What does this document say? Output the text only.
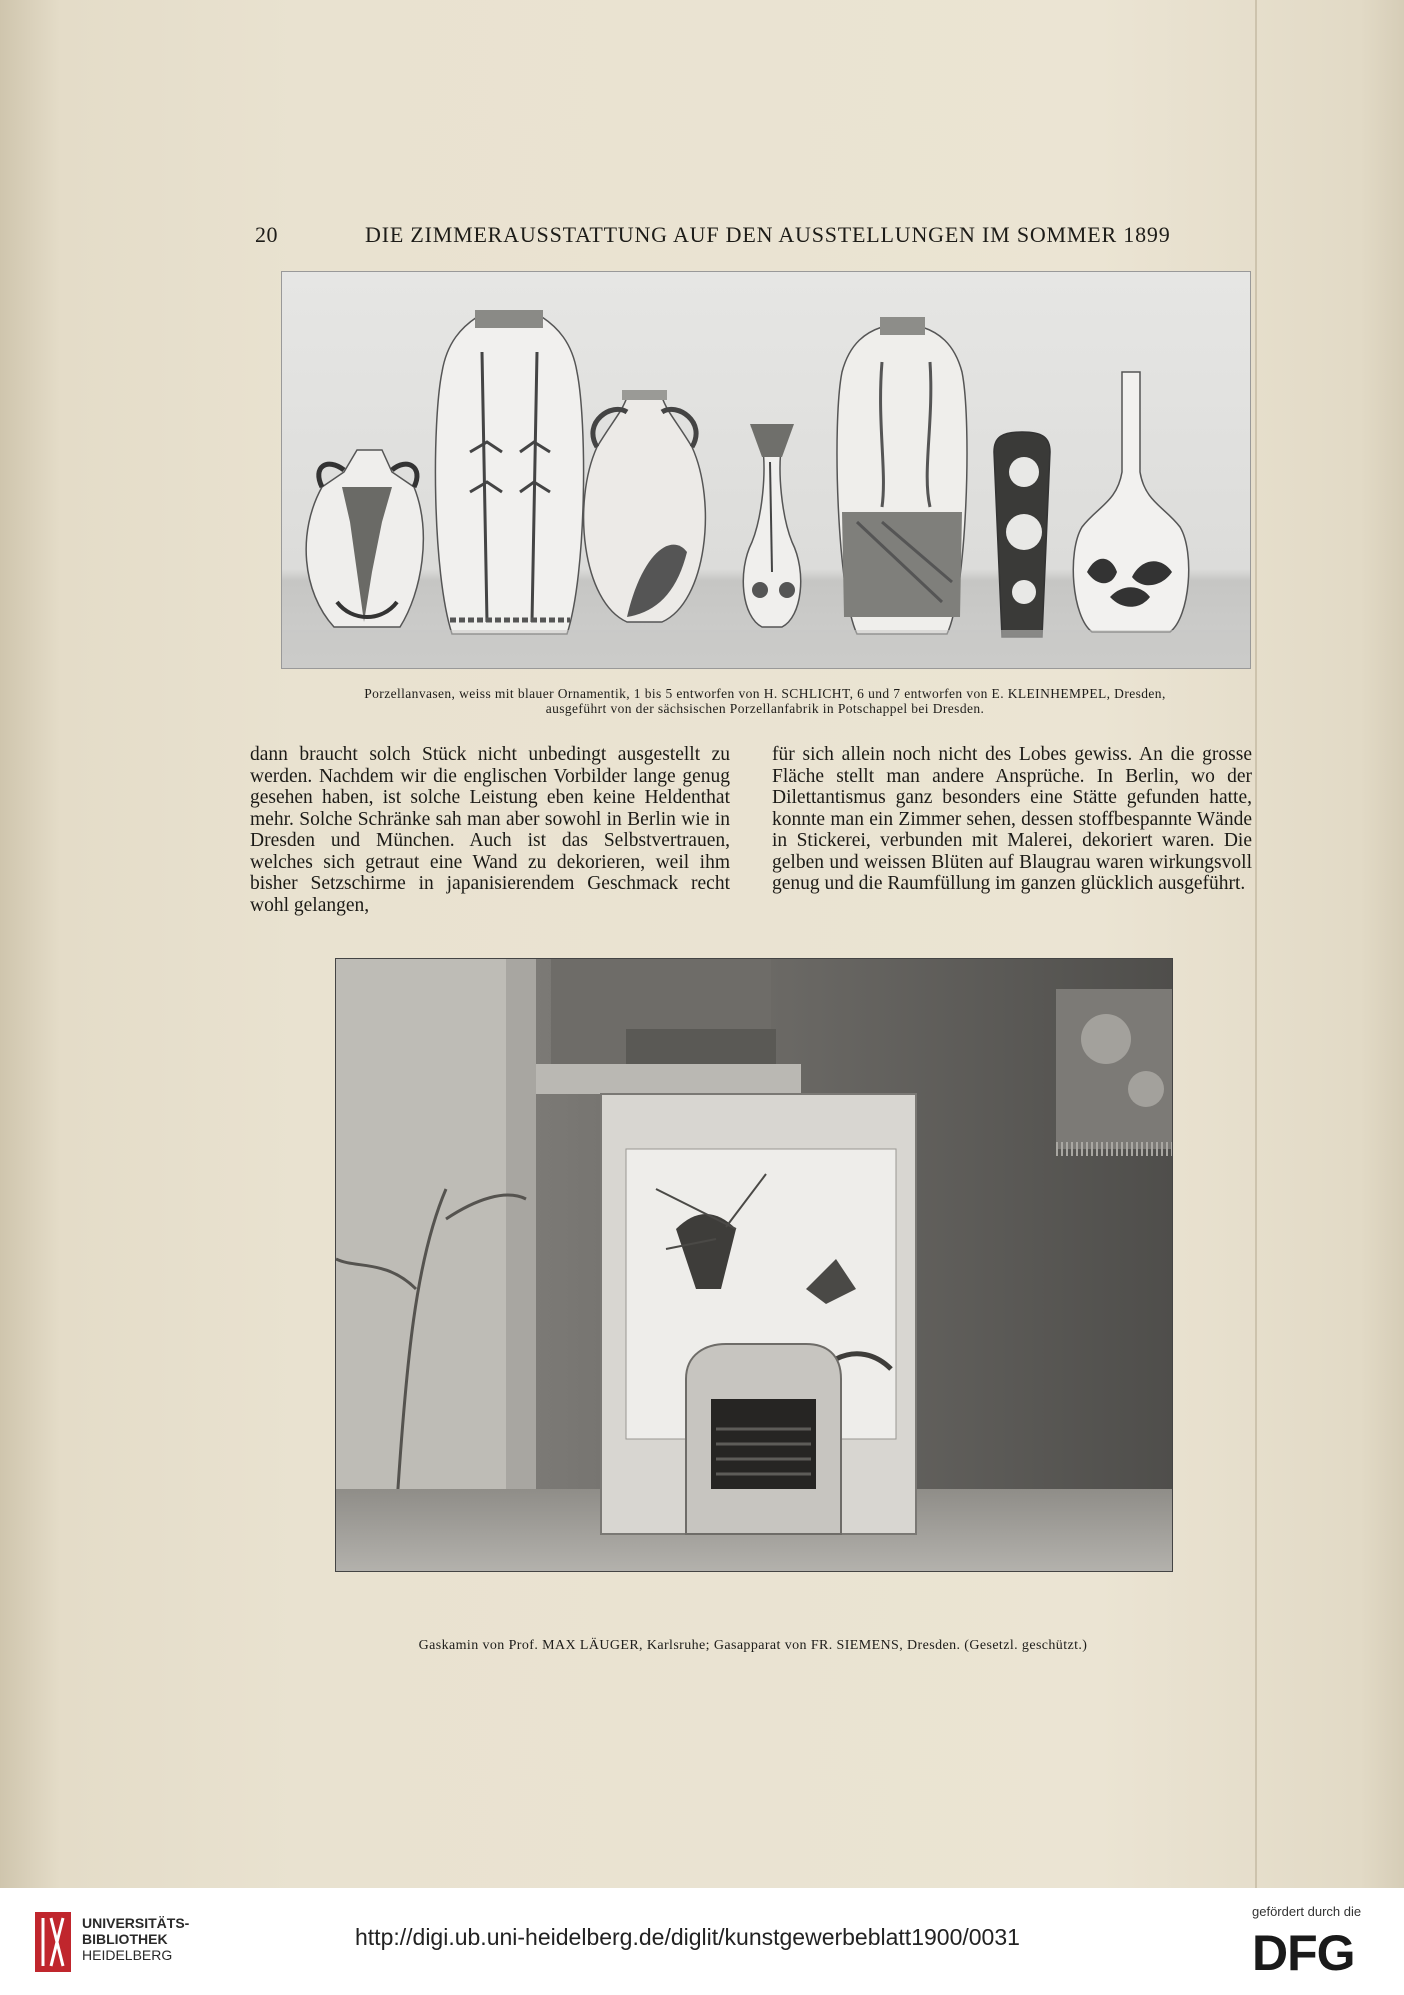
20	DIE ZIMMERAUSSTATTUNG AUF DEN AUSSTELLUNGEN IM SOMMER 1899
Porzellanvasen, weiss mit blauer Ornamentik, 1 bis 5 entworfen von H. SCHLICHT, 6 und 7 entworfen von E. KLEINHEMPEL, Dresden,
ausgeführt von der sächsischen Porzellanfabrik in Potschappel bei Dresden.

dann braucht solch Stück nicht unbedingt ausgestellt zu werden. Nachdem wir die englischen Vorbilder lange genug gesehen haben, ist solche Leistung eben keine Heldenthat mehr. Solche Schränke sah man aber sowohl in Berlin wie in Dresden und München. Auch ist das Selbstvertrauen, welches sich getraut eine Wand zu dekorieren, weil ihm bisher Setzschirme in japanisierendem Geschmack recht wohl gelangen,

für sich allein noch nicht des Lobes gewiss. An die grosse Fläche stellt man andere Ansprüche. In Berlin, wo der Dilettantismus ganz besonders eine Stätte gefunden hatte, konnte man ein Zimmer sehen, dessen stoffbespannte Wände in Stickerei, verbunden mit Malerei, dekoriert waren. Die gelben und weissen Blüten auf Blaugrau waren wirkungsvoll genug und die Raumfüllung im ganzen glücklich ausgeführt.

Gaskamin von Prof. MAX LÄUGER, Karlsruhe; Gasapparat von FR. SIEMENS, Dresden. (Gesetzl. geschützt.)
UNIVERSITÄTS-
BIBLIOTHEK
HEIDELBERG
http://digi.ub.uni-heidelberg.de/diglit/kunstgewerbeblatt1900/0031
gefördert durch die
DFG
